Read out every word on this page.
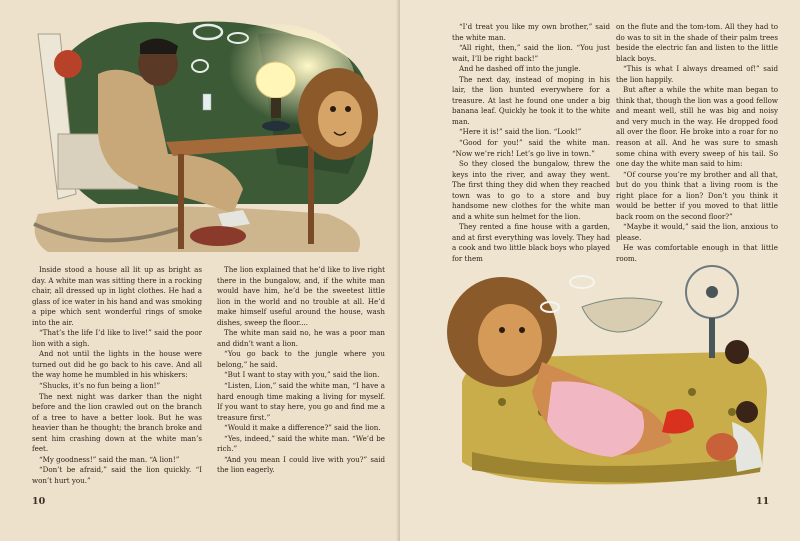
Inside stood a house all lit up as bright as day. A white man was sitting there in a rocking chair, all dressed up in light clothes. He had a glass of ice water in his hand and was smoking a pipe which sent wonderful rings of smoke into the air.

“That’s the life I’d like to live!” said the poor lion with a sigh.

And not until the lights in the house were turned out did he go back to his cave. And all the way home he mumbled in his whiskers:

“Shucks, it’s no fun being a lion!”

The next night was darker than the night before and the lion crawled out on the branch of a tree to have a better look. But he was heavier than he thought; the branch broke and sent him crashing down at the white man’s feet.

“My goodness!” said the man. “A lion!”

“Don’t be afraid,” said the lion quickly. “I won’t hurt you.”

The lion explained that he’d like to live right there in the bungalow, and, if the white man would have him, he’d be the sweetest little lion in the world and no trouble at all. He’d make himself useful around the house, wash dishes, sweep the floor....

The white man said no, he was a poor man and didn’t want a lion.

“You go back to the jungle where you belong,” he said.

“But I want to stay with you,” said the lion.

“Listen, Lion,” said the white man, “I have a hard enough time making a living for myself. If you want to stay here, you go and find me a treasure first.”

“Would it make a difference?” said the lion.

“Yes, indeed,” said the white man. “We’d be rich.”

“And you mean I could live with you?” said the lion eagerly.

10

“I’d treat you like my own brother,” said the white man.

“All right, then,” said the lion. “You just wait, I’ll be right back!”

And he dashed off into the jungle.

The next day, instead of moping in his lair, the lion hunted everywhere for a treasure. At last he found one under a big banana leaf. Quickly he took it to the white man.

“Here it is!” said the lion. “Look!”

“Good for you!” said the white man. “Now we’re rich! Let’s go live in town.”

So they closed the bungalow, threw the keys into the river, and away they went. The first thing they did when they reached town was to go to a store and buy handsome new clothes for the white man and a white sun helmet for the lion.

They rented a fine house with a garden, and at first everything was lovely. They had a cook and two little black boys who played for them

on the flute and the tom-tom. All they had to do was to sit in the shade of their palm trees beside the electric fan and listen to the little black boys.

“This is what I always dreamed of!” said the lion happily.

But after a while the white man began to think that, though the lion was a good fellow and meant well, still he was big and noisy and very much in the way. He dropped food all over the floor. He broke into a roar for no reason at all. And he was sure to smash some china with every sweep of his tail. So one day the white man said to him:

“Of course you’re my brother and all that, but do you think that a living room is the right place for a lion? Don’t you think it would be better if you moved to that little back room on the second floor?”

“Maybe it would,” said the lion, anxious to please.

He was comfortable enough in that little room.

11
